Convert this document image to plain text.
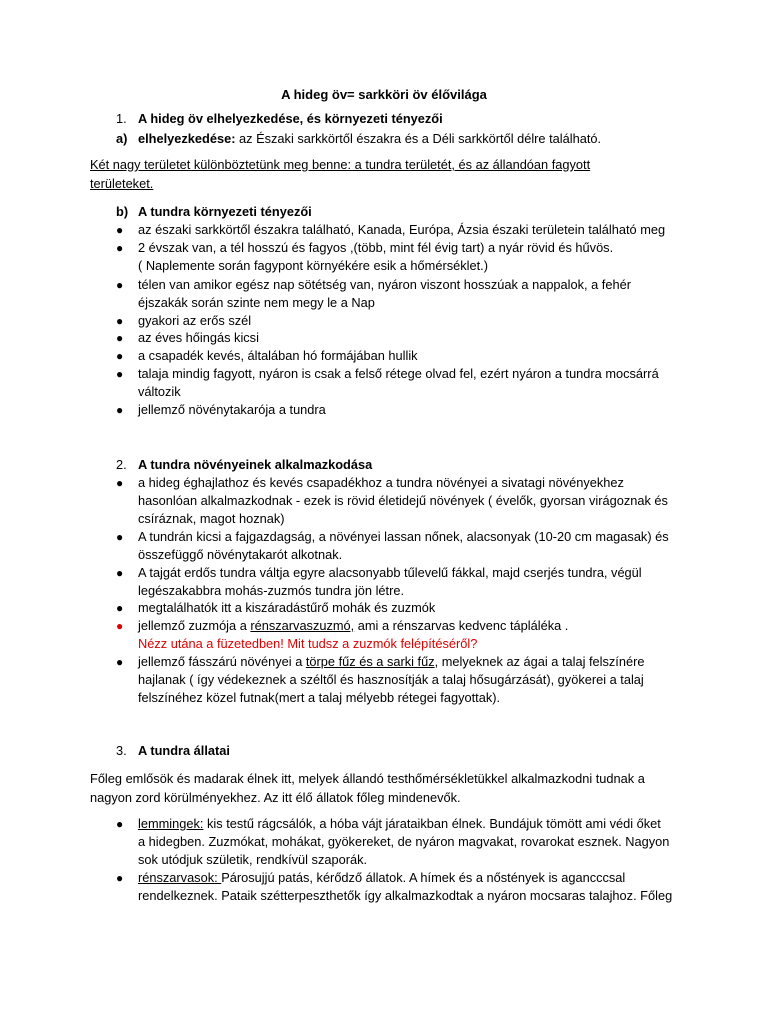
A hideg öv= sarkköri öv élővilága
1. A hideg öv elhelyezkedése, és környezeti tényezői
a) elhelyezkedése: az Északi sarkkörtől északra és a Déli sarkkörtől délre található.
Két nagy területet különböztetünk meg benne: a tundra területét, és az állandóan fagyott
területeket.
b) A tundra környezeti tényezői
● az északi sarkkörtől északra található, Kanada, Európa, Ázsia északi területein található meg
● 2 évszak van, a tél hosszú és fagyos ,(több, mint fél évig tart) a nyár rövid és hűvös.
( Naplemente során fagypont környékére esik a hőmérséklet.)
● télen van amikor egész nap sötétség van, nyáron viszont hosszúak a nappalok, a fehér
éjszakák során szinte nem megy le a Nap
● gyakori az erős szél
● az éves hőingás kicsi
● a csapadék kevés, általában hó formájában hullik
● talaja mindig fagyott, nyáron is csak a felső rétege olvad fel, ezért nyáron a tundra mocsárrá
változik
● jellemző növénytakarója a tundra
2. A tundra növényeinek alkalmazkodása
● a hideg éghajlathoz és kevés csapadékhoz a tundra növényei a sivatagi növényekhez
hasonlóan alkalmazkodnak - ezek is rövid életidejű növények ( évelők, gyorsan virágoznak és
csíráznak, magot hoznak)
● A tundrán kicsi a fajgazdagság, a növényei lassan nőnek, alacsonyak (10-20 cm magasak) és
összefüggő növénytakarót alkotnak.
● A tajgát erdős tundra váltja egyre alacsonyabb tűlevelű fákkal, majd cserjés tundra, végül
legészakabbra mohás-zuzmós tundra jön létre.
● megtalálhatók itt a kiszáradástűrő mohák és zuzmók
● jellemző zuzmója a rénszarvaszuzmó, ami a rénszarvas kedvenc tápláléka .
Nézz utána a füzetedben! Mit tudsz a zuzmók felépítéséről?
● jellemző fásszárú növényei a törpe fűz és a sarki fűz, melyeknek az ágai a talaj felszínére
hajlanak ( így védekeznek a széltől és hasznosítják a talaj hősugárzását), gyökerei a talaj
felszínéhez közel futnak(mert a talaj mélyebb rétegei fagyottak).
3. A tundra állatai
Főleg emlősök és madarak élnek itt, melyek állandó testhőmérsékletükkel alkalmazkodni tudnak a
nagyon zord körülményekhez. Az itt élő állatok főleg mindenevők.
● lemmingek: kis testű rágcsálók, a hóba vájt járataikban élnek. Bundájuk tömött ami védi őket
a hidegben. Zuzmókat, mohákat, gyökereket, de nyáron magvakat, rovarokat esznek. Nagyon
sok utódjuk születik, rendkívül szaporák.
● rénszarvasok: Párosujjú patás, kérődző állatok. A hímek és a nőstények is agancccsal
rendelkeznek. Pataik szétterpeszthetők így alkalmazkodtak a nyáron mocsaras talajhoz. Főleg
